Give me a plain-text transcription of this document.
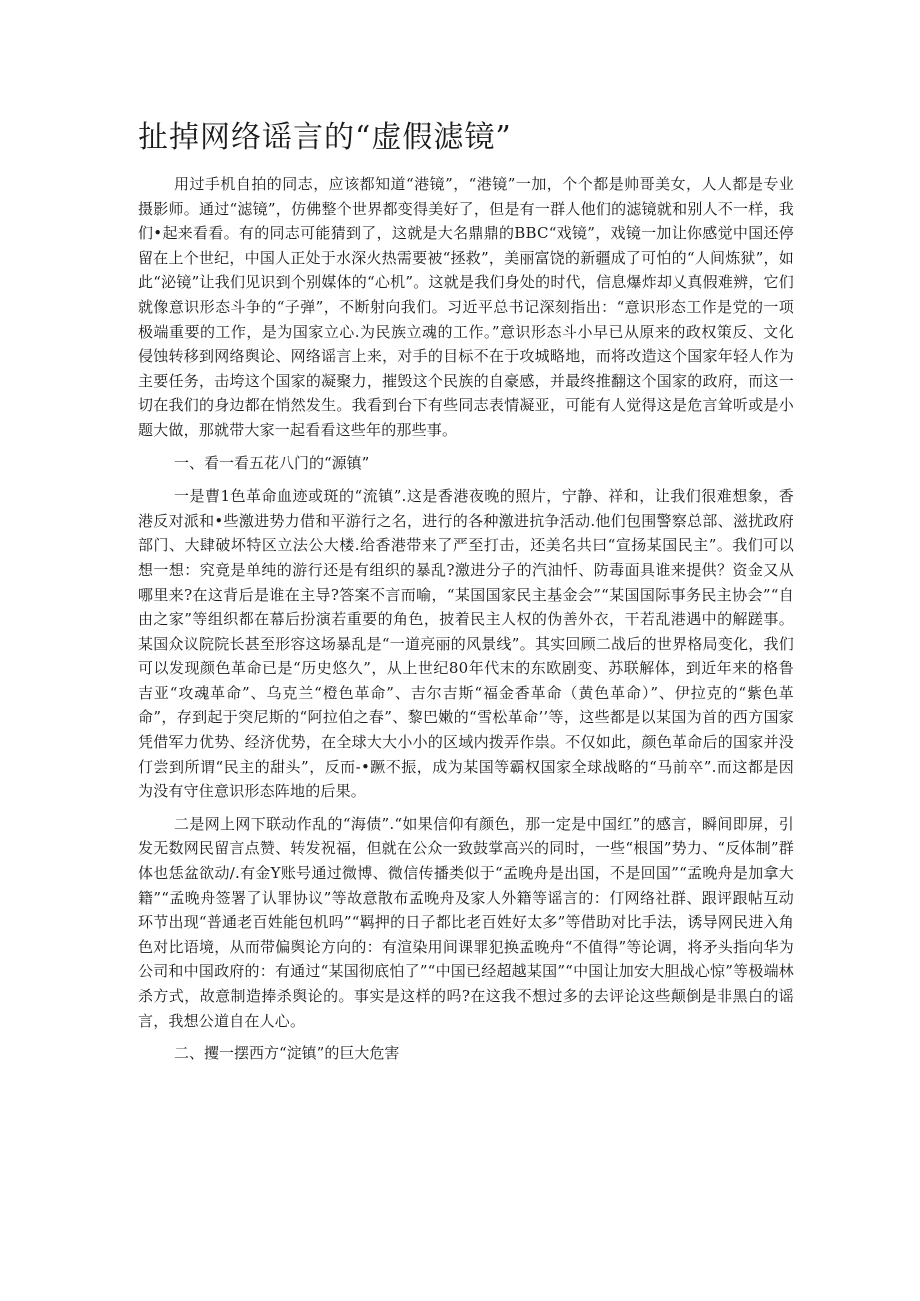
扯掉网络谣言的“虚假滤镜”

用过手机自拍的同志，应该都知道“港镜”，“港镜”一加，个个都是帅哥美女，人人都是专业摄影师。通过“滤镜”，仿佛整个世界都变得美好了，但是有一群人他们的滤镜就和别人不一样，我们•起来看看。有的同志可能猜到了，这就是大名鼎鼎的BBC“戏镜”，戏镜一加让你感觉中国还停留在上个世纪，中国人正处于水深火热需要被“拯救”，美丽富饶的新疆成了可怕的“人间炼狱”，如此“泌镜”让我们见识到个别媒体的“心机”。这就是我们身处的时代，信息爆炸却乂真假难辨，它们就像意识形态斗争的“子弹”，不断射向我们。习近平总书记深刻指出：“意识形态工作是党的一项极端重要的工作，是为国家立心.为民族立魂的工作。”意识形态斗小早已从原来的政权策反、文化侵蚀转移到网络舆论、网络谣言上来，对手的目标不在于攻城略地，而将改造这个国家年轻人作为主要任务，击垮这个国家的凝聚力，摧毁这个民族的自豪感，并最终推翻这个国家的政府，而这一切在我们的身边都在悄然发生。我看到台下有些同志表情凝亚，可能有人觉得这是危言耸听或是小题大做，那就带大家一起看看这些年的那些事。

一、看一看五花八门的“源镇”

一是曹1色革命血迹或斑的“流镇”.这是香港夜晚的照片，宁静、祥和，让我们很难想象，香港反对派和•些激进势力借和平游行之名，进行的各种激进抗争活动.他们包围警察总部、滋扰政府部门、大肆破坏特区立法公大楼.给香港带来了严至打击，还美名共曰“宣扬某国民主”。我们可以想一想：究竟是单纯的游行还是有组织的暴乱?激进分子的汽油忏、防毒面具谁来提供？资金又从哪里来?在这背后是谁在主导?答案不言而喻，“某国国家民主基金会”“某国国际事务民主协会”“自由之家”等组织都在幕后扮演若重要的角色，披着民主人权的伪善外衣，干若乱港遇中的解蹉事。某国众议院院长甚至形容这场暴乱是“一道亮丽的风景线”。其实回顾二战后的世界格局变化，我们可以发现颜色革命已是“历史悠久”，从上世纪80年代末的东欧剧变、苏联解体，到近年来的格鲁吉亚“攻魂革命”、乌克兰“橙色革命”、吉尔吉斯“福金香革命（黄色革命）”、伊拉克的“紫色革命”，存到起于突尼斯的“阿拉伯之春”、黎巴嫩的“雪松革命’’等，这些都是以某国为首的西方国家凭借军力优势、经济优势，在全球大大小小的区域内拨弄作祟。不仅如此，颜色革命后的国家并没仃尝到所谓“民主的甜头”，反而-•蹶不振，成为某国等霸权国家全球战略的“马前卒”.而这都是因为没有守住意识形态阵地的后果。

二是网上网下联动作乱的“海债”.“如果信仰有颜色，那一定是中国红”的感言，瞬间即屏，引发无数网民留言点赞、转发祝福，但就在公众一致鼓掌高兴的同时，一些“根国”势力、“反体制”群体也恁盆欲动/.有金Y账号通过微博、微信传播类似于“孟晚舟是出国，不是回国”“孟晚舟是加拿大籍”“孟晚舟签署了认罪协议”等故意散布孟晚舟及家人外籍等谣言的：仃网络社群、跟评跟帖互动环节出现“普通老百姓能包机吗”“羁押的日子都比老百姓好太多”等借助对比手法，诱导网民进入角色对比语境，从而带偏舆论方向的：有渲染用间课罪犯换孟晚舟“不值得”等论调，将矛头指向华为公司和中国政府的：有通过“某国彻底怕了”“中国已经超越某国”“中国让加安大胆战心惊”等极端林杀方式，故意制造捧杀舆论的。事实是这样的吗?在这我不想过多的去评论这些颠倒是非黑白的谣言，我想公道自在人心。

二、攫一摆西方“淀镇”的巨大危害
